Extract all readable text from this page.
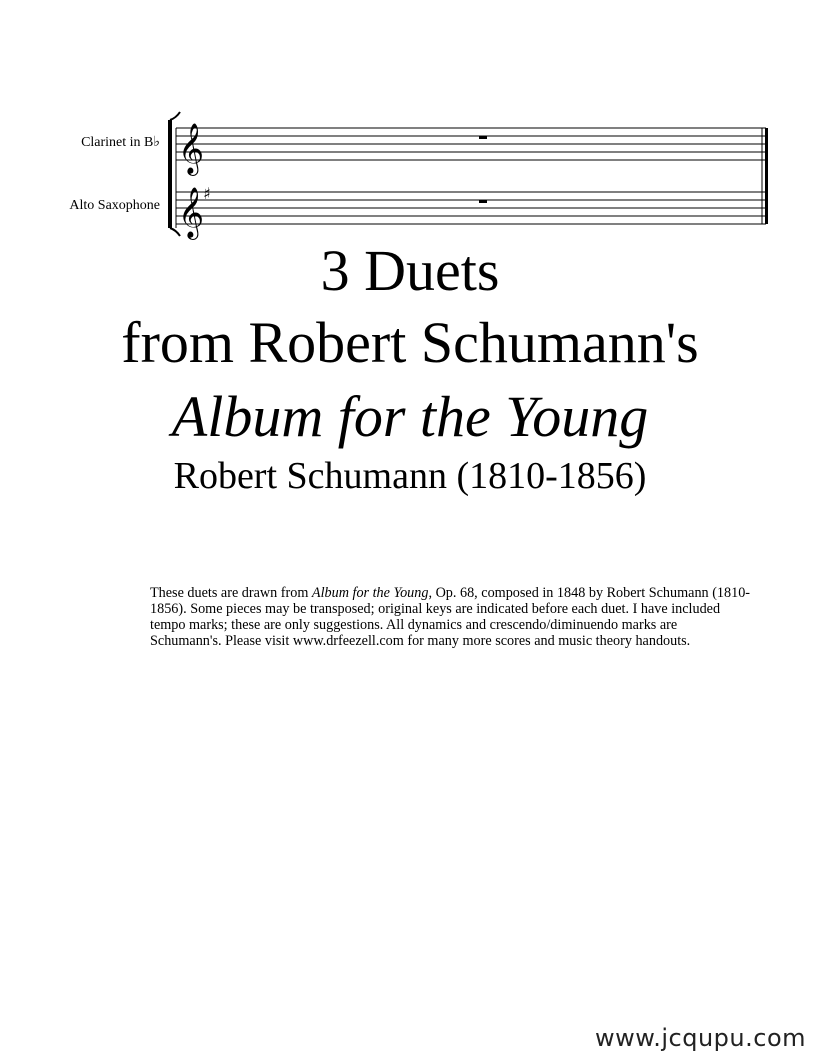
𝄞
𝄞
♯
Clarinet in B♭
Alto Saxophone
3 Duets
from Robert Schumann's
Album for the Young
Robert Schumann (1810-1856)
These duets are drawn from Album for the Young, Op. 68, composed in 1848 by Robert Schumann (1810-1856). Some pieces may be transposed; original keys are indicated before each duet. I have included tempo marks; these are only suggestions. All dynamics and crescendo/diminuendo marks are Schumann's. Please visit www.drfeezell.com for many more scores and music theory handouts.
www.jcqupu.com
